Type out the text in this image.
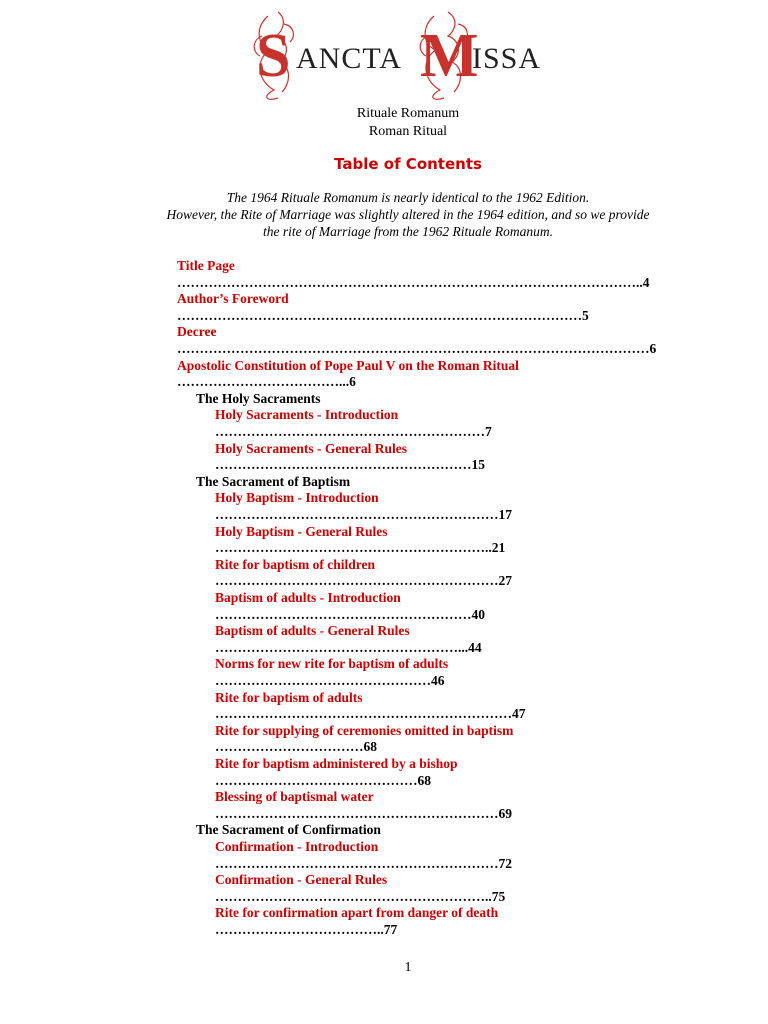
S ANCTA M
ISSA
Rituale Romanum
Roman Ritual
Table of Contents
The 1964 Rituale Romanum is nearly identical to the 1962 Edition.
However, the Rite of Marriage was slightly altered in the 1964 edition, and so we provide
the rite of Marriage from the 1962 Rituale Romanum.
Title Page
…………………………………………………………………………………………..4
Author’s Foreword
………………………………………………………………………………5
Decree
……………………………………………………………………………………………6
Apostolic Constitution of Pope Paul V on the Roman Ritual
………………………………...6
The Holy Sacraments
Holy Sacraments - Introduction
……………………………………………………7
Holy Sacraments - General Rules
…………………………………………………15
The Sacrament of Baptism
Holy Baptism - Introduction
………………………………………………………17
Holy Baptism - General Rules
……………………………………………………..21
Rite for baptism of children
………………………………………………………27
Baptism of adults - Introduction
…………………………………………………40
Baptism of adults - General Rules
………………………………………………...44
Norms for new rite for baptism of adults
…………………………………………46
Rite for baptism of adults
…………………………………………………………47
Rite for supplying of ceremonies omitted in baptism
……………………………68
Rite for baptism administered by a bishop
………………………………………68
Blessing of baptismal water
………………………………………………………69
The Sacrament of Confirmation
Confirmation - Introduction
………………………………………………………72
Confirmation - General Rules
……………………………………………………..75
Rite for confirmation apart from danger of death
………………………………..77
1
